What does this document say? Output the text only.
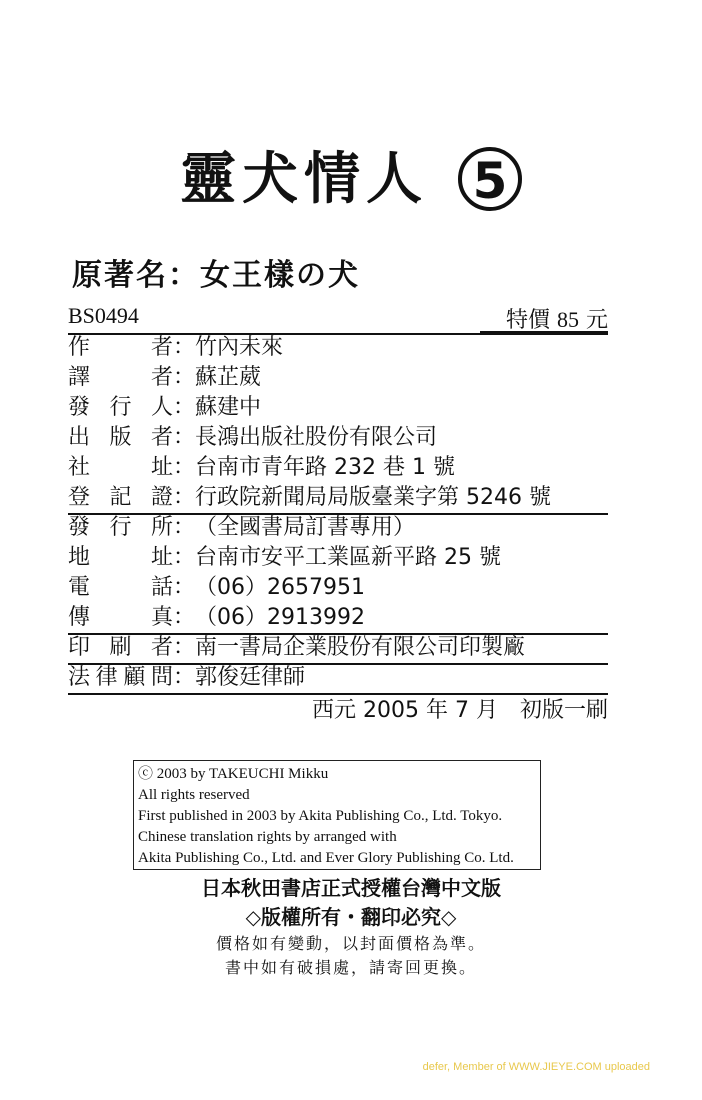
靈犬情人 5
原著名：女王樣の犬
BS0494	特價 85 元
作	者 ： 竹內未來
譯	者 ： 蘇芷葳
發 行 人 ： 蘇建中
出 版 者 ： 長鴻出版社股份有限公司
社	址 ： 台南市青年路 232 巷 1 號
登 記 證 ： 行政院新聞局局版臺業字第 5246 號
發 行 所 ： （全國書局訂書專用）
地	址 ： 台南市安平工業區新平路 25 號
電	話 ： （06）2657951
傳	真 ： （06）2913992
印 刷 者 ： 南一書局企業股份有限公司印製廠
法 律 顧 問 ： 郭俊廷律師
西元 2005 年 7 月　初版一刷
ⓒ 2003 by TAKEUCHI Mikku
All rights reserved
First published in 2003 by Akita Publishing Co., Ltd. Tokyo.
Chinese translation rights by arranged with
Akita Publishing Co., Ltd. and Ever Glory Publishing Co. Ltd.
日本秋田書店正式授權台灣中文版
◇版權所有・翻印必究◇
價格如有變動，以封面價格為準。
書中如有破損處，請寄回更換。
defer, Member of WWW.JIEYE.COM uploaded
